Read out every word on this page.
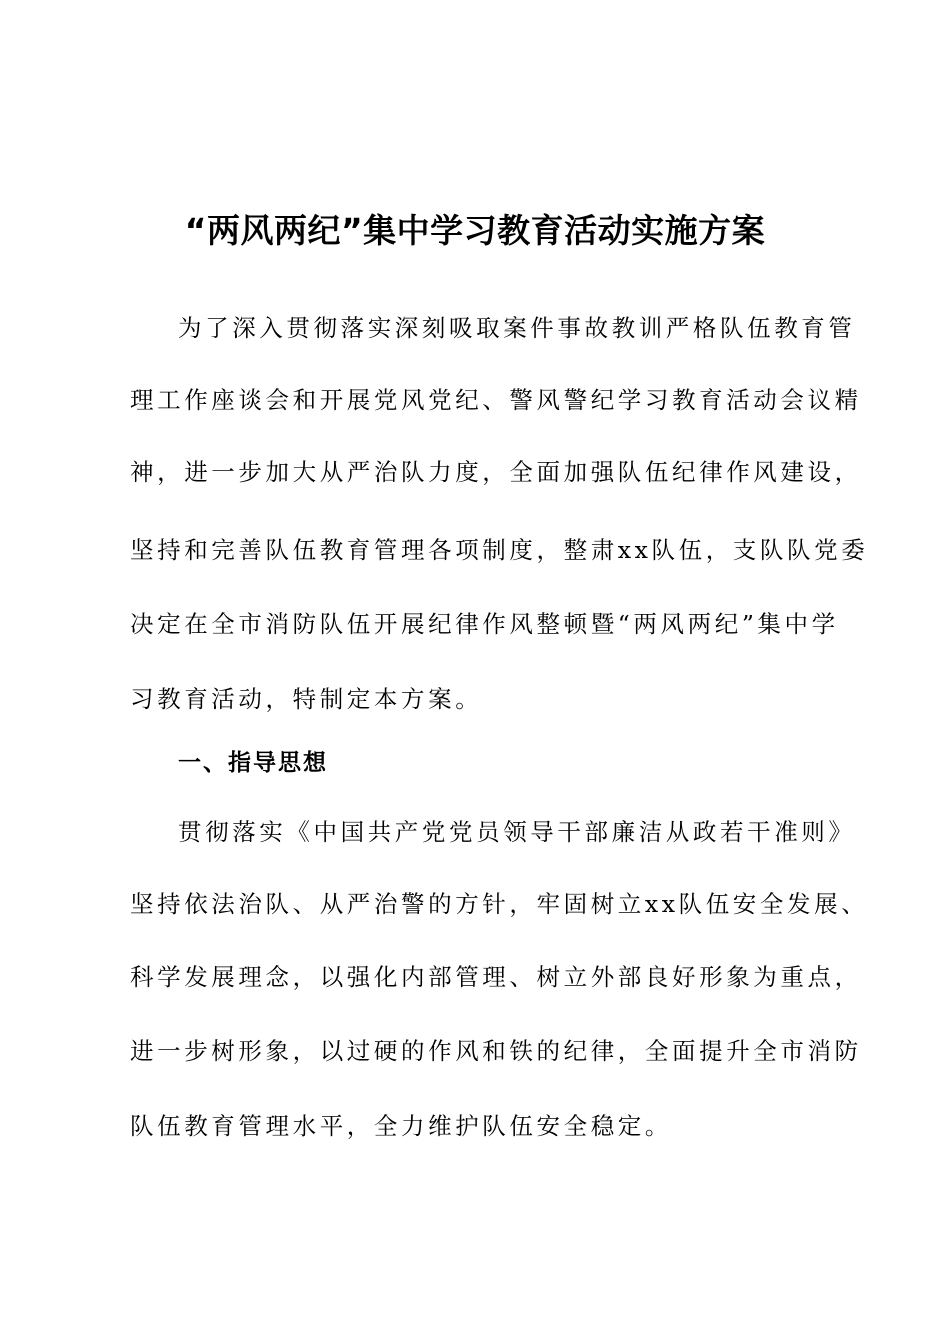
“两风两纪”集中学习教育活动实施方案
为了深入贯彻落实深刻吸取案件事故教训严格队伍教育管
理工作座谈会和开展党风党纪、警风警纪学习教育活动会议精
神，进一步加大从严治队力度，全面加强队伍纪律作风建设，
坚持和完善队伍教育管理各项制度，整肃xx队伍，支队队党委
决定在全市消防队伍开展纪律作风整顿暨“两风两纪”集中学
习教育活动，特制定本方案。
一、指导思想
贯彻落实《中国共产党党员领导干部廉洁从政若干准则》
坚持依法治队、从严治警的方针，牢固树立xx队伍安全发展、
科学发展理念，以强化内部管理、树立外部良好形象为重点，
进一步树形象，以过硬的作风和铁的纪律，全面提升全市消防
队伍教育管理水平，全力维护队伍安全稳定。
